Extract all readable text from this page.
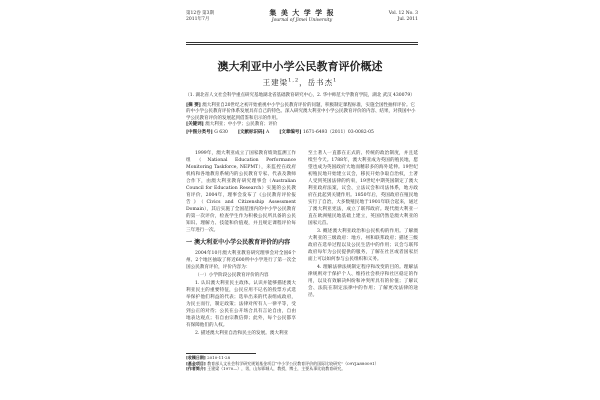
第12卷 第3期
2011年7月
集 美 大 学 学 报
Journal of Jimei University
Vol. 12 No. 3
Jul. 2011
澳大利亚中小学公民教育评价概述
王建梁$^{1,2}$，岳书杰$^1$
（1. 湖北省人文社会科学重点研究基地湖北省基础教育研究中心，2. 华中师范大学教育学院，湖北 武汉 430079）
[摘 要] 澳大利亚自20世纪之初开始重视中小学公民教育评价的问题，积极制定课程标准，实施全国性抽样评价。它的中小学公民教育评价体系发展具有自己的特色。深入研究澳大利亚中小学公民教育评价的内容、结果，对我国中小学公民教育评价的发展起到借鉴和启示的作用。
[关键词] 澳大利亚；中小学；公民教育；评价
[中图分类号] G 630 [文献标识码] A [文章编号] 1671-6493（2011）03-0082-05

1999年，澳大利亚成立了国家教育绩效监测工作组（National Education Performance Monitoring Taskforce, NEPMT），来监控在政府机构和各地教育系统内的公民教育专家、代表及教师合作下，由澳大利亚教育研究理事会（Australian Council for Education Research）实施的公民教育评价，2004年，理事会发布了《公民教育评价报告》（Civics and Citizenship Assessment Domain），其后实施了全国范围内的中小学公民教育的第一次评价，检查学生作为积极公民所具备的公民知识、理解力、技能和价值观，并且规定课程评价每三年进行一次。

一 澳大利亚中小学公民教育评价的内容

2004年10月澳大利亚教育研究理事会对全国6个州、2个地区抽取了将近600所中小学进行了第一次全国公民教育评价，评价内容为：

（一）小学阶段公民教育评价的内容

1. 认识澳大利亚民主政体。认识并能够描述澳大利亚民主的重要特征，公民应用不记名的投票方式选举保护他们利益的代表；选举出来的代表组成政府，为民主而行，制定政策；法律对所有人一律平等，受到公正的对待；公民在公开场合具有言论自由，自由地表达观点；有自由宗教信仰；此外，每个公民都享有保障他们的人权。

2. 描述澳大利亚自治和民主的发展。澳大利亚

至土著人一直都在正式的、传统的政治制度，并且延续至今天。1788年，澳大利亚成为英国的殖民地，愿望也成为英国政府大地而精彩多的海外延伸。19世纪初殖民地开始建立议会，移民开始争取自治权，土著人受到英国法律的约束，19世纪中期英国制定了澳大利亚政府法案，议会、立法议会和司法体系，地方政府在此起到关键作用。1850年后，英国政府在殖民地实行了自治，大多数殖民地于1901年联合起来，通过了澳大利亚宪法，成立了联邦政府。现代澳大利亚一直在欧洲殖民地基础上建立，英国仍然是澳大利亚的国家元首。

3. 概述澳大利亚政治和公民机构的作用。了解澳大利亚的三级政府：地方、州和联邦政府；描述三级政府在选举过程以及公民生活中的作用；议会与联邦政府每年为公民提供的服务，了解在社区或者国家层面上可以如何参与公民组织和义务。

4. 理解法律法规制定程序和改变的目的。理解法律规则对于保护个人、维持社会秩序和社区稳定的作用，以及有效解决纠纷和冲突所具有的价值；了解议会、法院在制定法律中的作用；了解更改法律的途径。

[收稿日期] 2010-11-28
[基金项目] 教育部人文社会科学研究规划基金项目“中小学公民教育评价的国际比较研究”（09YJA880091）
[作者简介] 王建梁（1970—），男，山东郓城人，教授，博士，主要从事比较教育研究。
